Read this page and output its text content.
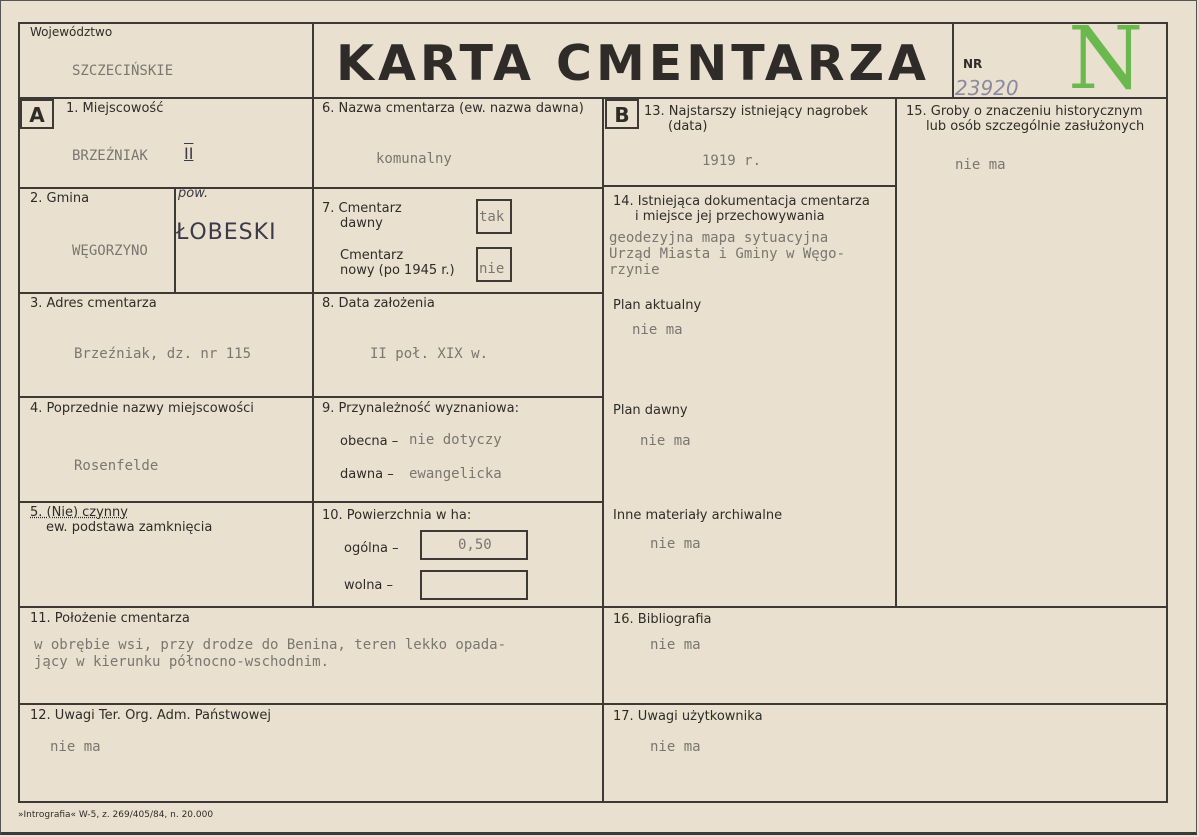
Województwo
SZCZECIŃSKIE	KARTA CMENTARZA	NR
23920 N
A	B
1. Miejscowość
BRZEŹNIAK II
2. Gmina
WĘGORZYNO
pow.
ŁOBESKI
3. Adres cmentarza
Brzeźniak, dz. nr 115
4. Poprzednie nazwy miejscowości
Rosenfelde
5. (Nie) czynny
ew. podstawa zamknięcia
6. Nazwa cmentarza (ew. nazwa dawna)
komunalny
7. Cmentarz
dawny	tak
Cmentarz
nowy (po 1945 r.) nie
8. Data założenia
II poł. XIX w.
9. Przynależność wyznaniowa:
obecna – nie dotyczy
dawna – ewangelicka
10. Powierzchnia w ha:
ogólna –	0,50
wolna –
11. Położenie cmentarza
w obrębie wsi, przy drodze do Benina, teren lekko opada-
jący w kierunku północno-wschodnim.
12. Uwagi Ter. Org. Adm. Państwowej
nie ma
13. Najstarszy istniejący nagrobek
(data)
1919 r.
14. Istniejąca dokumentacja cmentarza
i miejsce jej przechowywania
geodezyjna mapa sytuacyjna
Urząd Miasta i Gminy w Węgo-
rzynie
Plan aktualny
nie ma
Plan dawny
nie ma
Inne materiały archiwalne
nie ma
15. Groby o znaczeniu historycznym
lub osób szczególnie zasłużonych
nie ma
16. Bibliografia
nie ma
17. Uwagi użytkownika
nie ma
»Intrografia« W-5, z. 269/405/84, n. 20.000
